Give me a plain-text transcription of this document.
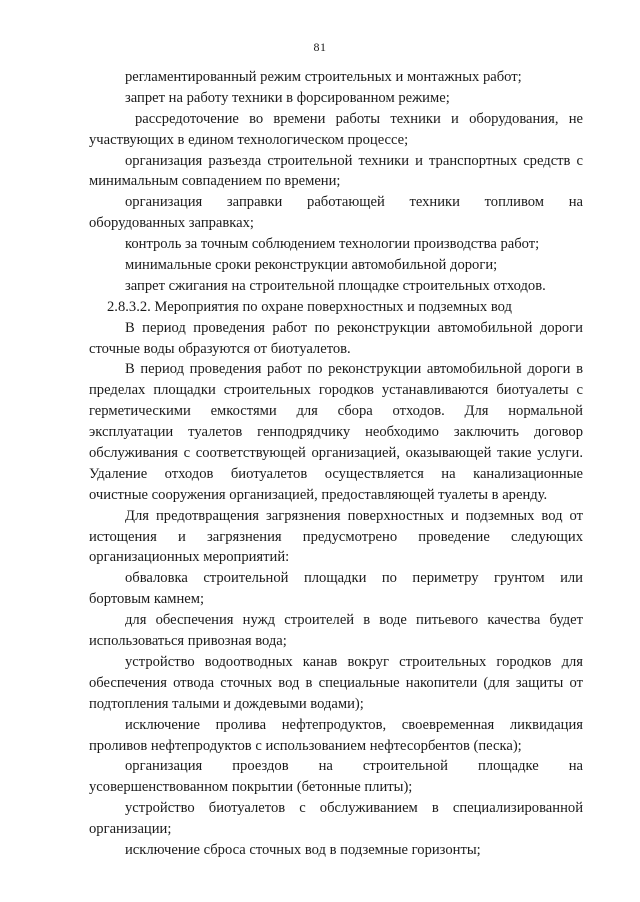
81
регламентированный режим строительных и монтажных работ;
запрет на работу техники в форсированном режиме;
рассредоточение во времени работы техники и оборудования, не
участвующих в едином технологическом процессе;
организация разъезда строительной техники и транспортных средств с
минимальным совпадением по времени;
организация заправки работающей техники топливом на
оборудованных заправках;
контроль за точным соблюдением технологии производства работ;
минимальные сроки реконструкции автомобильной дороги;
запрет сжигания на строительной площадке строительных отходов.
2.8.3.2. Мероприятия по охране поверхностных и подземных вод
В период проведения работ по реконструкции автомобильной дороги
сточные воды образуются от биотуалетов.
В период проведения работ по реконструкции автомобильной дороги в
пределах площадки строительных городков устанавливаются биотуалеты с
герметическими емкостями для сбора отходов. Для нормальной
эксплуатации туалетов генподрядчику необходимо заключить договор
обслуживания с соответствующей организацией, оказывающей такие услуги.
Удаление отходов биотуалетов осуществляется на канализационные
очистные сооружения организацией, предоставляющей туалеты в аренду.
Для предотвращения загрязнения поверхностных и подземных вод от
истощения и загрязнения предусмотрено проведение следующих
организационных мероприятий:
обваловка строительной площадки по периметру грунтом или
бортовым камнем;
для обеспечения нужд строителей в воде питьевого качества будет
использоваться привозная вода;
устройство водоотводных канав вокруг строительных городков для
обеспечения отвода сточных вод в специальные накопители (для защиты от
подтопления талыми и дождевыми водами);
исключение пролива нефтепродуктов, своевременная ликвидация
проливов нефтепродуктов с использованием нефтесорбентов (песка);
организация проездов на строительной площадке на
усовершенствованном покрытии (бетонные плиты);
устройство биотуалетов с обслуживанием в специализированной
организации;
исключение сброса сточных вод в подземные горизонты;
